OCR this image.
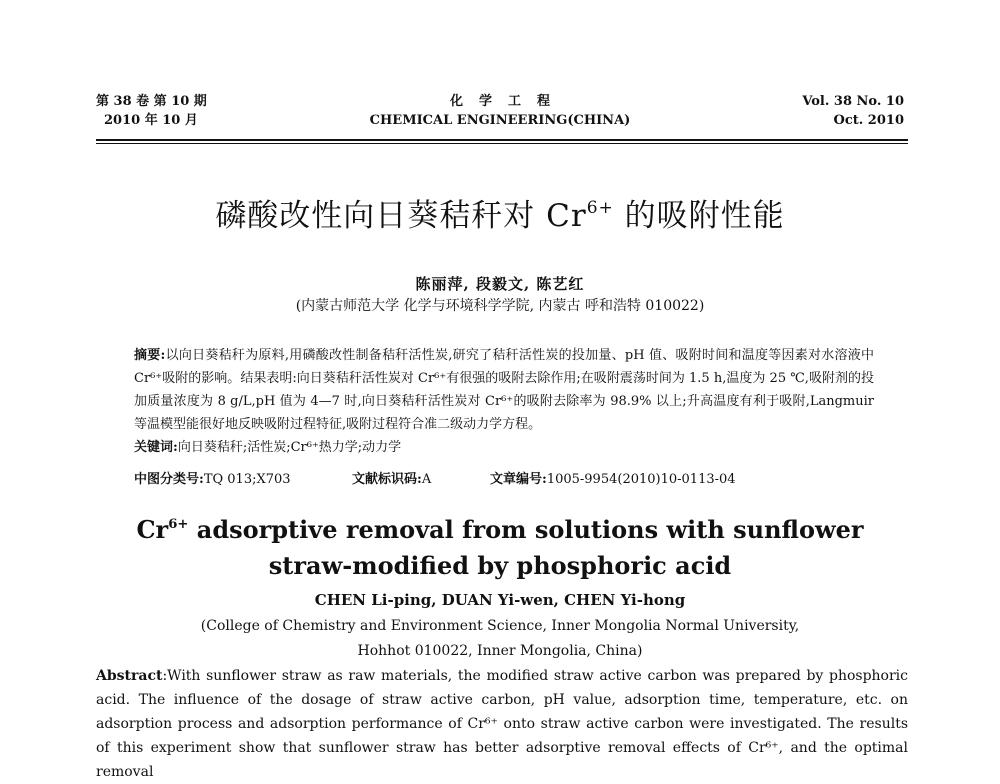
第 38 卷 第 10 期
2010 年 10 月
化学工程
CHEMICAL ENGINEERING(CHINA)
Vol. 38 No. 10
Oct. 2010
磷酸改性向日葵秸秆对 $Cr^{6+}$ 的吸附性能
陈丽萍, 段毅文, 陈艺红
(内蒙古师范大学 化学与环境科学学院, 内蒙古 呼和浩特 010022)

摘要:以向日葵秸秆为原料,用磷酸改性制备秸秆活性炭,研究了秸秆活性炭的投加量、pH 值、吸附时间和温度等因素对水溶液中 Cr⁶⁺吸附的影响。结果表明:向日葵秸秆活性炭对 Cr⁶⁺有很强的吸附去除作用;在吸附震荡时间为 1.5 h,温度为 25 ℃,吸附剂的投加质量浓度为 8 g/L,pH 值为 4—7 时,向日葵秸秆活性炭对 Cr⁶⁺的吸附去除率为 98.9% 以上;升高温度有利于吸附,Langmuir 等温模型能很好地反映吸附过程特征,吸附过程符合准二级动力学方程。

关键词:向日葵秸秆;活性炭;Cr⁶⁺热力学;动力学

中图分类号:TQ 013;X703	文献标识码:A	文章编号:1005-9954(2010)10-0113-04
$Cr^{6+}$ adsorptive removal from solutions with sunflower
straw-modified by phosphoric acid
CHEN Li-ping, DUAN Yi-wen, CHEN Yi-hong
(College of Chemistry and Environment Science, Inner Mongolia Normal University,
Hohhot 010022, Inner Mongolia, China)
Abstract:With sunflower straw as raw materials, the modified straw active carbon was prepared by phosphoric acid. The influence of the dosage of straw active carbon, pH value, adsorption time, temperature, etc. on adsorption process and adsorption performance of Cr⁶⁺ onto straw active carbon were investigated. The results of this experiment show that sunflower straw has better adsorptive removal effects of Cr⁶⁺, and the optimal removal
